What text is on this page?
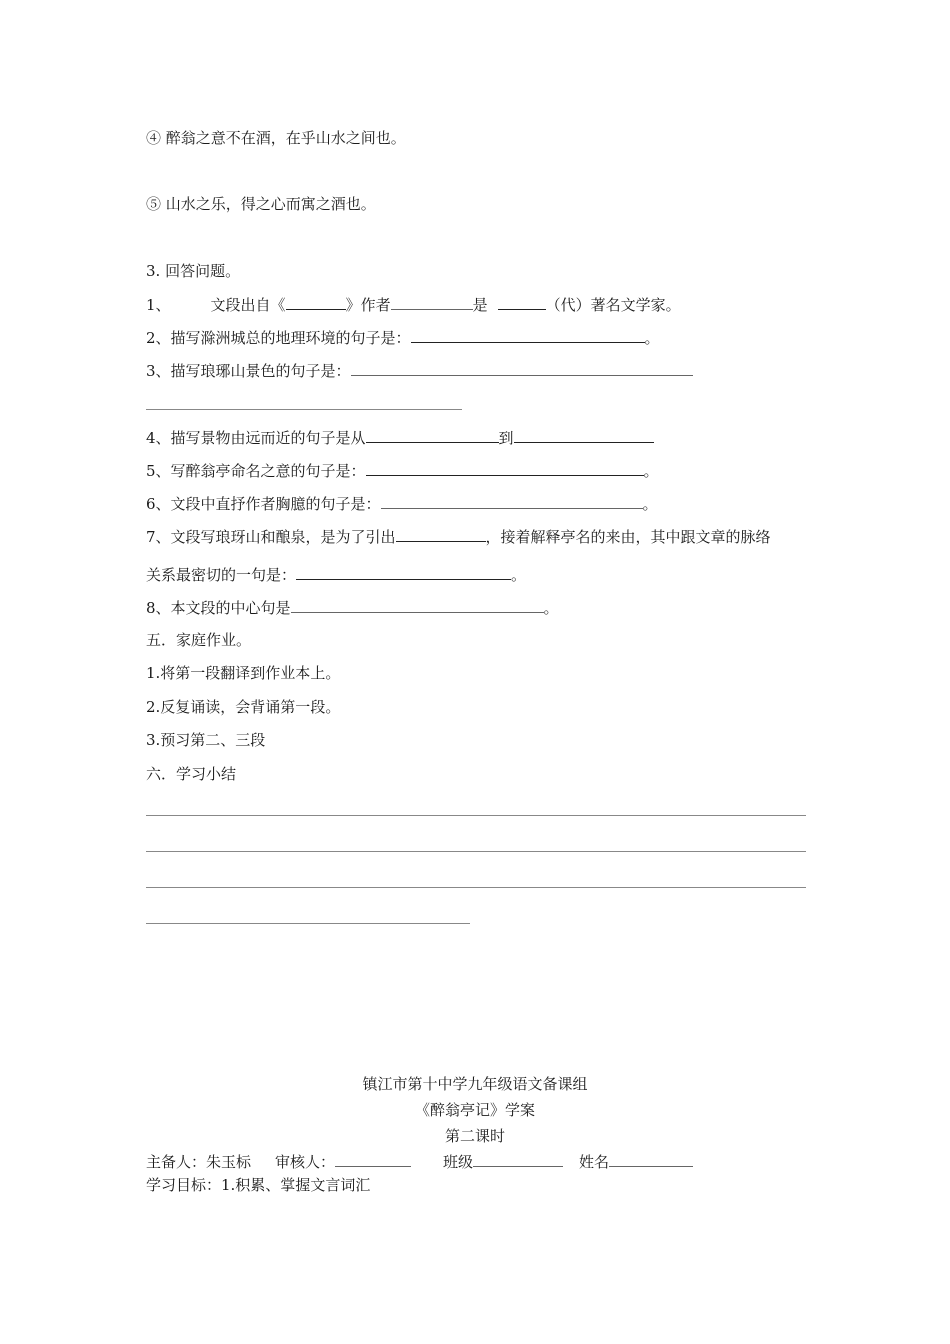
④ 醉翁之意不在酒，在乎山水之间也。
⑤ 山水之乐，得之心而寓之酒也。
3. 回答问题。
1、	文段出自《	》作者	是	（代）著名文学家。
2、描写滁洲城总的地理环境的句子是：	。
3、描写琅琊山景色的句子是：
4、描写景物由远而近的句子是从	到
5、写醉翁亭命名之意的句子是：	。
6、文段中直抒作者胸臆的句子是：	。
7、文段写琅玡山和酿泉，是为了引出	，接着解释亭名的来由，其中跟文章的脉络
关系最密切的一句是：	。
8、本文段的中心句是	。
五．家庭作业。
1.将第一段翻译到作业本上。
2.反复诵读，会背诵第一段。
3.预习第二、三段
六．学习小结
镇江市第十中学九年级语文备课组
《醉翁亭记》学案
第二课时
主备人：朱玉标 审核人：	班级	姓名
学习目标：1.积累、掌握文言词汇
